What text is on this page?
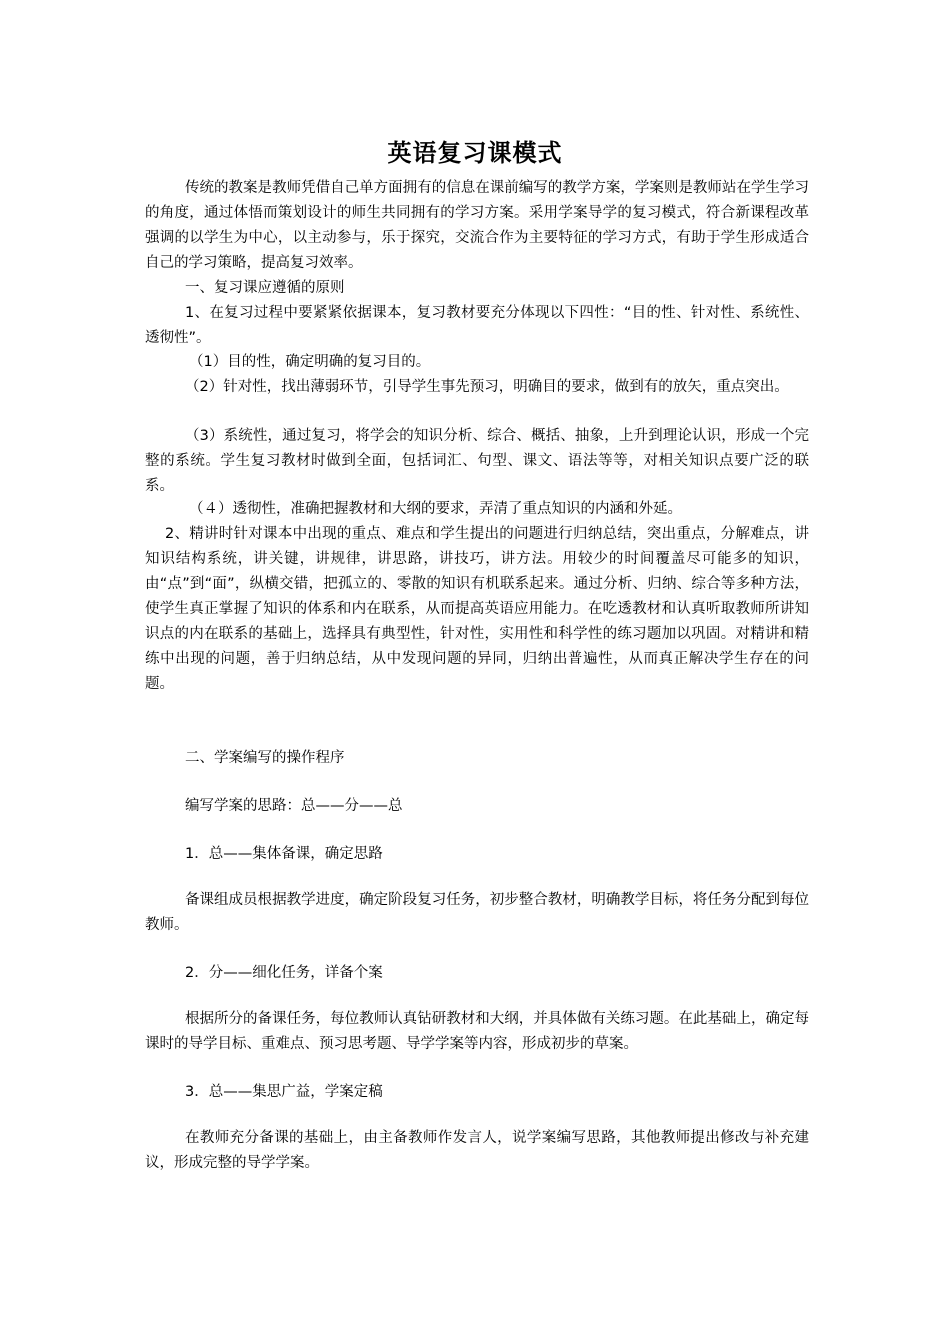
英语复习课模式
传统的教案是教师凭借自己单方面拥有的信息在课前编写的教学方案，学案则是教师站在学生学习的角度，通过体悟而策划设计的师生共同拥有的学习方案。采用学案导学的复习模式，符合新课程改革强调的以学生为中心，以主动参与，乐于探究，交流合作为主要特征的学习方式，有助于学生形成适合自己的学习策略，提高复习效率。
一、复习课应遵循的原则
1、在复习过程中要紧紧依据课本，复习教材要充分体现以下四性：“目的性、针对性、系统性、透彻性”。
（1）目的性，确定明确的复习目的。
（2）针对性，找出薄弱环节，引导学生事先预习，明确目的要求，做到有的放矢，重点突出。
（3）系统性，通过复习，将学会的知识分析、综合、概括、抽象，上升到理论认识，形成一个完整的系统。学生复习教材时做到全面，包括词汇、句型、课文、语法等等，对相关知识点要广泛的联系。
（４）透彻性，准确把握教材和大纲的要求，弄清了重点知识的内涵和外延。
2、精讲时针对课本中出现的重点、难点和学生提出的问题进行归纳总结，突出重点，分解难点，讲知识结构系统，讲关键，讲规律，讲思路，讲技巧，讲方法。用较少的时间覆盖尽可能多的知识，由“点”到“面”，纵横交错，把孤立的、零散的知识有机联系起来。通过分析、归纳、综合等多种方法，使学生真正掌握了知识的体系和内在联系，从而提高英语应用能力。在吃透教材和认真听取教师所讲知识点的内在联系的基础上，选择具有典型性，针对性，实用性和科学性的练习题加以巩固。对精讲和精练中出现的问题，善于归纳总结，从中发现问题的异同，归纳出普遍性，从而真正解决学生存在的问题。
二、学案编写的操作程序
编写学案的思路：总——分——总
1．总——集体备课，确定思路
备课组成员根据教学进度，确定阶段复习任务，初步整合教材，明确教学目标，将任务分配到每位教师。
2．分——细化任务，详备个案
根据所分的备课任务，每位教师认真钻研教材和大纲，并具体做有关练习题。在此基础上，确定每课时的导学目标、重难点、预习思考题、导学学案等内容，形成初步的草案。
3．总——集思广益，学案定稿
在教师充分备课的基础上，由主备教师作发言人，说学案编写思路，其他教师提出修改与补充建议，形成完整的导学学案。
